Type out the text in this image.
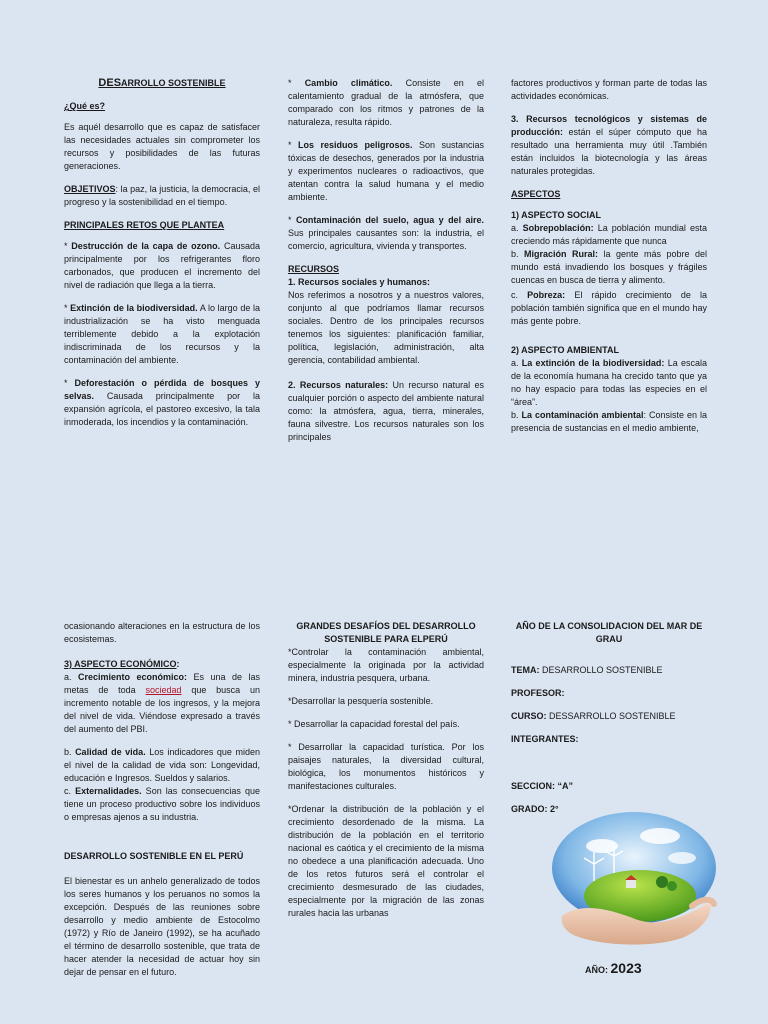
DESARROLLO SOSTENIBLE

¿Qué es?

Es aquél desarrollo que es capaz de satisfacer las necesidades actuales sin comprometer los recursos y posibilidades de las futuras generaciones.

OBJETIVOS: la paz, la justicia, la democracia, el progreso y la sostenibilidad en el tiempo.

PRINCIPALES RETOS QUE PLANTEA

* Destrucción de la capa de ozono. Causada principalmente por los refrigerantes floro carbonados, que producen el incremento del nivel de radiación que llega a la tierra.

* Extinción de la biodiversidad. A lo largo de la industrialización se ha visto menguada terriblemente debido a la explotación indiscriminada de los recursos y la contaminación del ambiente.

* Deforestación o pérdida de bosques y selvas. Causada principalmente por la expansión agrícola, el pastoreo excesivo, la tala inmoderada, los incendios y la contaminación.

* Cambio climático. Consiste en el calentamiento gradual de la atmósfera, que comparado con los ritmos y patrones de la naturaleza, resulta rápido.

* Los residuos peligrosos. Son sustancias tóxicas de desechos, generados por la industria y experimentos nucleares o radioactivos, que atentan contra la salud humana y el medio ambiente.

* Contaminación del suelo, agua y del aire. Sus principales causantes son: la industria, el comercio, agricultura, vivienda y transportes.

RECURSOS

1. Recursos sociales y humanos:

Nos referimos a nosotros y a nuestros valores, conjunto al que podríamos llamar recursos sociales. Dentro de los principales recursos tenemos los siguientes: planificación familiar, política, legislación, administración, alta gerencia, contabilidad ambiental.

2. Recursos naturales: Un recurso natural es cualquier porción o aspecto del ambiente natural como: la atmósfera, agua, tierra, minerales, fauna silvestre. Los recursos naturales son los principales

factores productivos y forman parte de todas las actividades económicas.

3. Recursos tecnológicos y sistemas de producción: están el súper cómputo que ha resultado una herramienta muy útil .También están incluidos la biotecnología y las áreas naturales protegidas.

ASPECTOS

1) ASPECTO SOCIAL

a. Sobrepoblación: La población mundial esta creciendo más rápidamente que nunca

b. Migración Rural: la gente más pobre del mundo está invadiendo los bosques y frágiles cuencas en busca de tierra y alimento.

c. Pobreza: El rápido crecimiento de la población también significa que en el mundo hay más gente pobre.

2) ASPECTO AMBIENTAL

a. La extinción de la biodiversidad: La escala de la economía humana ha crecido tanto que ya no hay espacio para todas las especies en el “área”.

b. La contaminación ambiental: Consiste en la presencia de sustancias en el medio ambiente,

ocasionando alteraciones en la estructura de los ecosistemas.

3) ASPECTO ECONÓMICO:

a. Crecimiento económico: Es una de las metas de toda sociedad que busca un incremento notable de los ingresos, y la mejora del nivel de vida. Viéndose expresado a través del aumento del PBI.

b. Calidad de vida. Los indicadores que miden el nivel de la calidad de vida son: Longevidad, educación e Ingresos. Sueldos y salarios.

c. Externalidades. Son las consecuencias que tiene un proceso productivo sobre los individuos o empresas ajenos a su industria.

DESARROLLO SOSTENIBLE EN EL PERÚ

El bienestar es un anhelo generalizado de todos los seres humanos y los peruanos no somos la excepción. Después de las reuniones sobre desarrollo y medio ambiente de Estocolmo (1972) y Río de Janeiro (1992), se ha acuñado el término de desarrollo sostenible, que trata de hacer atender la necesidad de actuar hoy sin dejar de pensar en el futuro.

GRANDES DESAFÍOS DEL DESARROLLO SOSTENIBLE PARA ELPERÚ

*Controlar la contaminación ambiental, especialmente la originada por la actividad minera, industria pesquera, urbana.

*Desarrollar la pesquería sostenible.

* Desarrollar la capacidad forestal del país.

* Desarrollar la capacidad turística. Por los paisajes naturales, la diversidad cultural, biológica, los monumentos históricos y manifestaciones culturales.

*Ordenar la distribución de la población y el crecimiento desordenado de la misma. La distribución de la población en el territorio nacional es caótica y el crecimiento de la misma no obedece a una planificación adecuada. Uno de los retos futuros será el controlar el crecimiento desmesurado de las ciudades, especialmente por la migración de las zonas rurales hacia las urbanas

AÑO DE LA CONSOLIDACION DEL MAR DE GRAU

TEMA: DESARROLLO SOSTENIBLE

PROFESOR:

CURSO: DESSARROLLO SOSTENIBLE

INTEGRANTES:

SECCION: “A”

GRADO: 2°

AÑO: 2023
